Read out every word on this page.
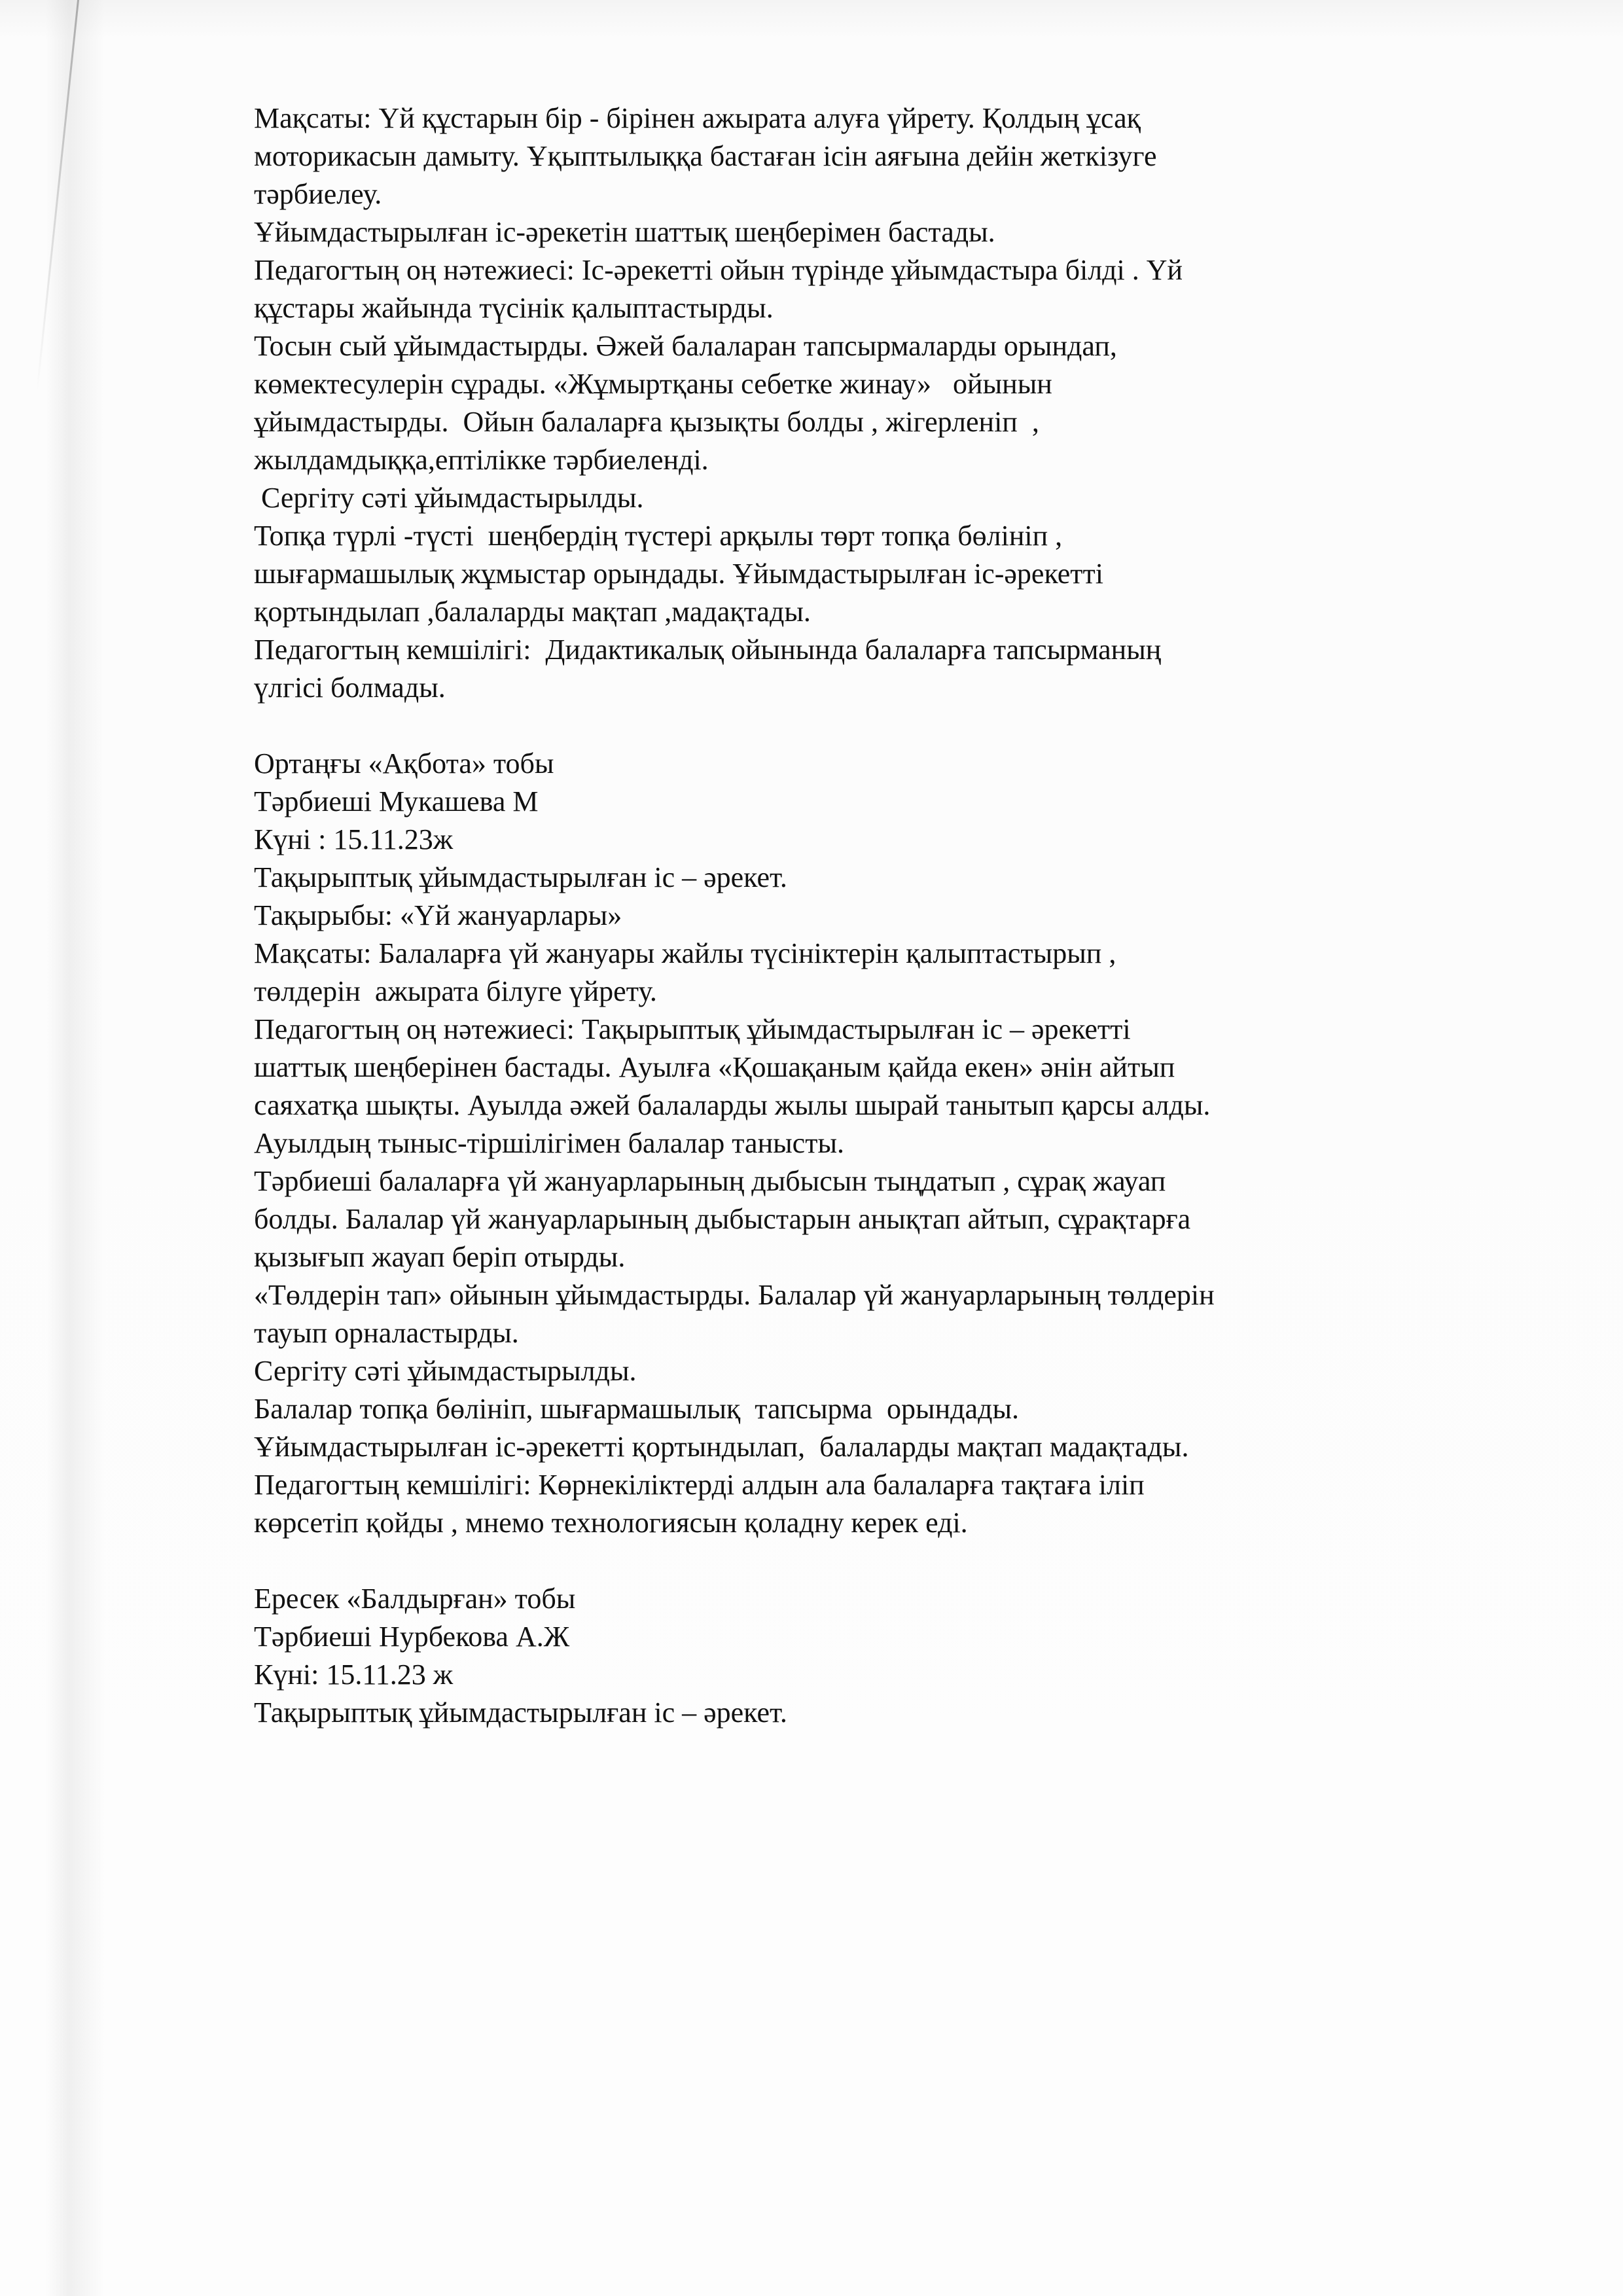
Мақсаты: Үй құстарын бір - бірінен ажырата алуға үйрету. Қолдың ұсақ
моторикасын дамыту. Ұқыптылыққа бастаған ісін аяғына дейін жеткізуге
тәрбиелеу.
Ұйымдастырылған іс-әрекетін шаттық шеңберімен бастады.
Педагогтың оң нәтежиесі: Іс-әрекетті ойын түрінде ұйымдастыра білді . Үй
құстары жайында түсінік қалыптастырды.
Тосын сый ұйымдастырды. Әжей балаларан тапсырмаларды орындап,
көмектесулерін сұрады. «Жұмыртқаны себетке жинау»   ойынын
ұйымдастырды.  Ойын балаларға қызықты болды , жігерленіп  ,
жылдамдыққа,ептілікке тәрбиеленді.
Сергіту сәті ұйымдастырылды.
Топқа түрлі -түсті  шеңбердің түстері арқылы төрт топқа бөлініп ,
шығармашылық жұмыстар орындады. Ұйымдастырылған іс-әрекетті
қортындылап ,балаларды мақтап ,мадақтады.
Педагогтың кемшілігі:  Дидактикалық ойынында балаларға тапсырманың
үлгісі болмады.
Ортаңғы «Ақбота» тобы
Тәрбиеші Мукашева М
Күні : 15.11.23ж
Тақырыптық ұйымдастырылған іс – әрекет.
Тақырыбы: «Үй жануарлары»
Мақсаты: Балаларға үй жануары жайлы түсініктерін қалыптастырып ,
төлдерін  ажырата білуге үйрету.
Педагогтың оң нәтежиесі: Тақырыптық ұйымдастырылған іс – әрекетті
шаттық шеңберінен бастады. Ауылға «Қошақаным қайда екен» әнін айтып
саяхатқа шықты. Ауылда әжей балаларды жылы шырай танытып қарсы алды.
Ауылдың тыныс-тіршілігімен балалар танысты.
Тәрбиеші балаларға үй жануарларының дыбысын тыңдатып , сұрақ жауап
болды. Балалар үй жануарларының дыбыстарын анықтап айтып, сұрақтарға
қызығып жауап беріп отырды.
«Төлдерін тап» ойынын ұйымдастырды. Балалар үй жануарларының төлдерін
тауып орналастырды.
Сергіту сәті ұйымдастырылды.
Балалар топқа бөлініп, шығармашылық  тапсырма  орындады.
Ұйымдастырылған іс-әрекетті қортындылап,  балаларды мақтап мадақтады.
Педагогтың кемшілігі: Көрнекіліктерді алдын ала балаларға тақтаға іліп
көрсетіп қойды , мнемо технологиясын қоладну керек еді.
Ересек «Балдырған» тобы
Тәрбиеші Нурбекова А.Ж
Күні: 15.11.23 ж
Тақырыптық ұйымдастырылған іс – әрекет.
